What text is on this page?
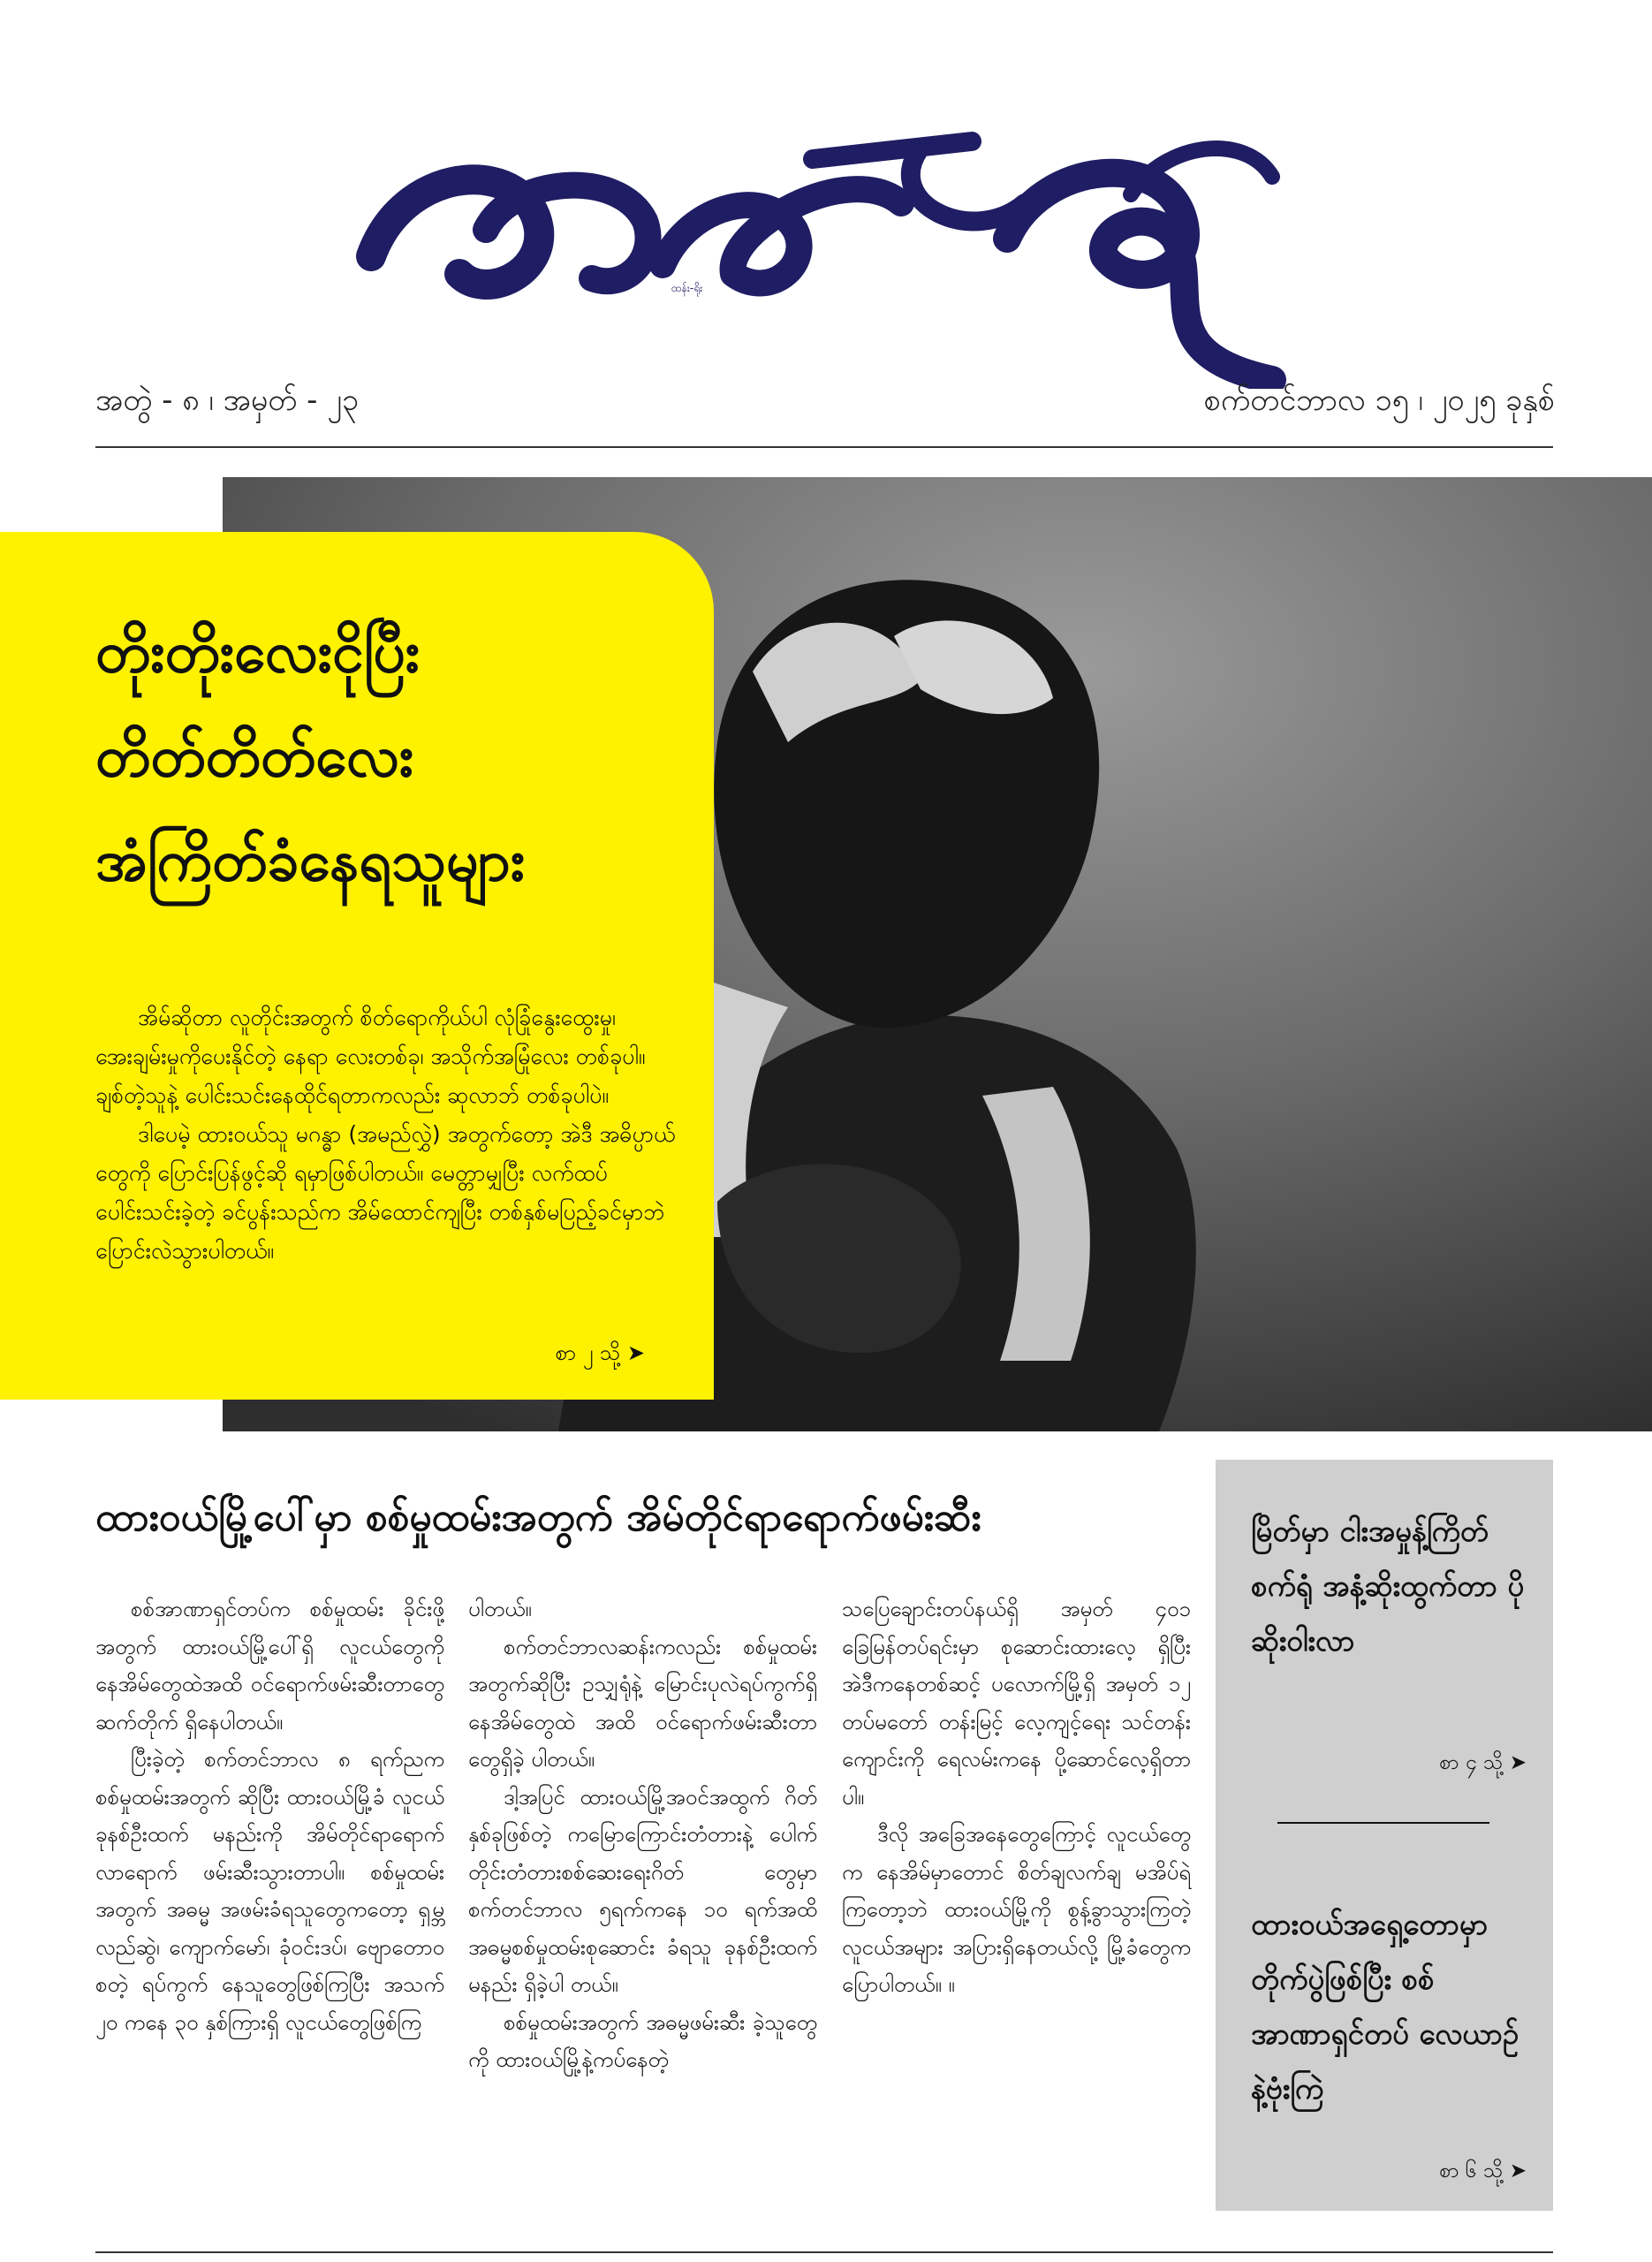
ထန်း-ရိုး
အတွဲ - ၈ ၊ အမှတ် - ၂၃	စက်တင်ဘာလ ၁၅ ၊ ၂၀၂၅ ခုနှစ်
တိုးတိုးလေးငိုပြီး
တိတ်တိတ်လေး
အံကြိတ်ခံနေရသူများ

အိမ်ဆိုတာ လူတိုင်းအတွက် စိတ်ရောကိုယ်ပါ လုံခြုံနွေးထွေးမှု၊ အေးချမ်းမှုကိုပေးနိုင်တဲ့ နေရာ လေးတစ်ခု၊ အသိုက်အမြုံလေး တစ်ခုပါ။ ချစ်တဲ့သူနဲ့ ပေါင်းသင်းနေထိုင်ရတာကလည်း ဆုလာဘ် တစ်ခုပါပဲ။

ဒါပေမဲ့ ထားဝယ်သူ မဂန္ဓာ (အမည်လွှဲ) အတွက်တော့ အဲဒီ အဓိပ္ပာယ်တွေကို ပြောင်းပြန်ဖွင့်ဆို ရမှာဖြစ်ပါတယ်။ မေတ္တာမျှပြီး လက်ထပ်ပေါင်းသင်းခဲ့တဲ့ ခင်ပွန်းသည်က အိမ်ထောင်ကျပြီး တစ်နှစ်မပြည့်ခင်မှာဘဲ ပြောင်းလဲသွားပါတယ်။

စာ ၂ သို့ ➤
ထားဝယ်မြို့ပေါ်မှာ စစ်မှုထမ်းအတွက် အိမ်တိုင်ရာရောက်ဖမ်းဆီး

စစ်အာဏာရှင်တပ်က စစ်မှုထမ်း ခိုင်းဖို့အတွက် ထားဝယ်မြို့ပေါ်ရှိ လူငယ်တွေကို နေအိမ်တွေထဲအထိ ဝင်ရောက်ဖမ်းဆီးတာတွေ ဆက်တိုက် ရှိနေပါတယ်။

ပြီးခဲ့တဲ့ စက်တင်ဘာလ ၈ ရက်ညက စစ်မှုထမ်းအတွက် ဆိုပြီး ထားဝယ်မြို့ခံ လူငယ် ခုနစ်ဦးထက် မနည်းကို အိမ်တိုင်ရာရောက် လာရောက် ဖမ်းဆီးသွားတာပါ။ စစ်မှုထမ်း အတွက် အဓမ္မ အဖမ်းခံရသူတွေကတော့ ရှမ္ဘလည်ဆွဲ၊ ကျောက်မော်၊ ခုံဝင်းဒပ်၊ ဗျောတောဝ စတဲ့ ရပ်ကွက် နေသူတွေဖြစ်ကြပြီး အသက် ၂၀ ကနေ ၃၀ နှစ်ကြားရှိ လူငယ်တွေဖြစ်ကြ

ပါတယ်။

စက်တင်ဘာလဆန်းကလည်း စစ်မှုထမ်းအတွက်ဆိုပြီး ဥသျှရုံနဲ့ မြောင်းပုလဲရပ်ကွက်ရှိ နေအိမ်တွေထဲ အထိ ဝင်ရောက်ဖမ်းဆီးတာတွေရှိခဲ့ ပါတယ်။

ဒါ့အပြင် ထားဝယ်မြို့အဝင်အထွက် ဂိတ်နှစ်ခုဖြစ်တဲ့ ကမြောကြောင်းတံတားနဲ့ ပေါက်တိုင်းတံတားစစ်ဆေးရေးဂိတ် တွေမှာ စက်တင်ဘာလ ၅ရက်ကနေ ၁၀ ရက်အထိ အဓမ္မစစ်မှုထမ်းစုဆောင်း ခံရသူ ခုနစ်ဦးထက်မနည်း ရှိခဲ့ပါ တယ်။

စစ်မှုထမ်းအတွက် အဓမ္မဖမ်းဆီး ခဲ့သူတွေကို ထားဝယ်မြို့နဲ့ကပ်နေတဲ့

သပြေချောင်းတပ်နယ်ရှိ အမှတ် ၄၀၁ ခြေမြန်တပ်ရင်းမှာ စုဆောင်းထားလေ့ ရှိပြီး အဲဒီကနေတစ်ဆင့် ပလောက်မြို့ရှိ အမှတ် ၁၂ တပ်မတော် တန်းမြင့် လေ့ကျင့်ရေး သင်တန်းကျောင်းကို ရေလမ်းကနေ ပို့ဆောင်လေ့ရှိတာပါ။

ဒီလို အခြေအနေတွေကြောင့် လူငယ်တွေက နေအိမ်မှာတောင် စိတ်ချလက်ချ မအိပ်ရဲကြတော့ဘဲ ထားဝယ်မြို့ကို စွန့်ခွာသွားကြတဲ့ လူငယ်အများ အပြားရှိနေတယ်လို့ မြို့ခံတွေက ပြောပါတယ်။ ။

မြိတ်မှာ ငါးအမှုန့်ကြိတ်စက်ရုံ အနံ့ဆိုးထွက်တာ ပိုဆိုးဝါးလာ
စာ ၄ သို့ ➤
ထားဝယ်အရှေ့တောမှာ တိုက်ပွဲဖြစ်ပြီး စစ်အာဏာရှင်တပ် လေယာဉ်နဲ့ဗုံးကြဲ
စာ ၆ သို့ ➤
